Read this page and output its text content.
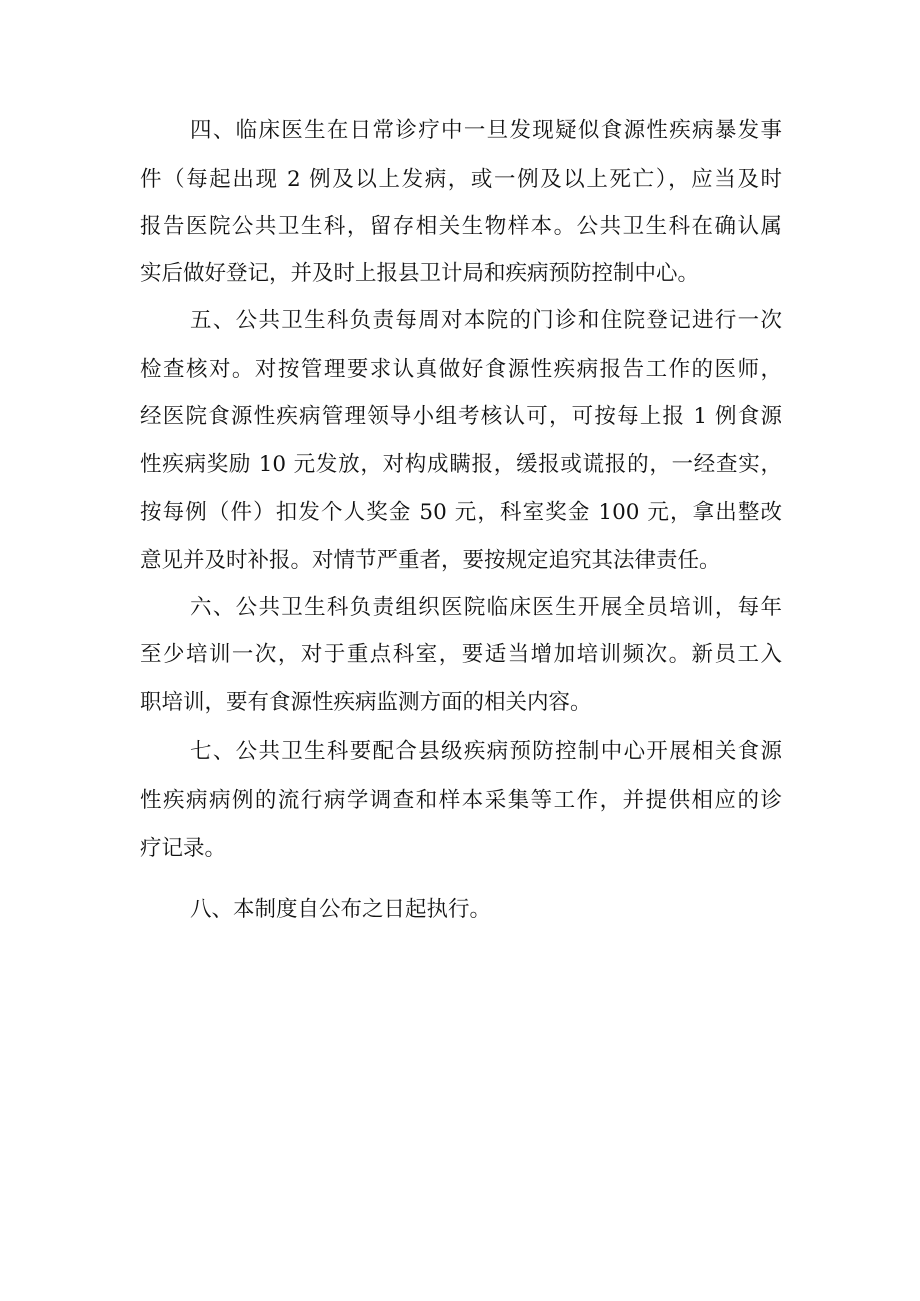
四、临床医生在日常诊疗中一旦发现疑似食源性疾病暴发事
件（每起出现 2 例及以上发病，或一例及以上死亡），应当及时
报告医院公共卫生科，留存相关生物样本。公共卫生科在确认属
实后做好登记，并及时上报县卫计局和疾病预防控制中心。
五、公共卫生科负责每周对本院的门诊和住院登记进行一次
检查核对。对按管理要求认真做好食源性疾病报告工作的医师，
经医院食源性疾病管理领导小组考核认可，可按每上报 1 例食源
性疾病奖励 10 元发放，对构成瞒报，缓报或谎报的，一经查实，
按每例（件）扣发个人奖金 50 元，科室奖金 100 元，拿出整改
意见并及时补报。对情节严重者，要按规定追究其法律责任。
六、公共卫生科负责组织医院临床医生开展全员培训，每年
至少培训一次，对于重点科室，要适当增加培训频次。新员工入
职培训，要有食源性疾病监测方面的相关内容。
七、公共卫生科要配合县级疾病预防控制中心开展相关食源
性疾病病例的流行病学调查和样本采集等工作，并提供相应的诊
疗记录。
八、本制度自公布之日起执行。
